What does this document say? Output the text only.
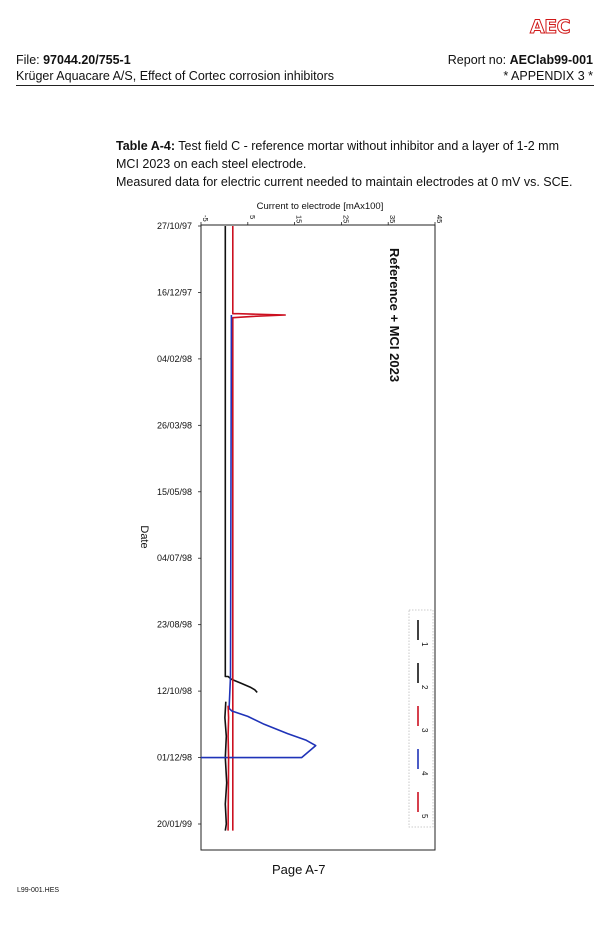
AEC
File: 97044.20/755-1	Report no: AEClab99-001
Krüger Aquacare A/S, Effect of Cortec corrosion inhibitors	* APPENDIX 3 *
Table A-4: Test field C - reference mortar without inhibitor and a layer of 1-2 mm
MCI 2023 on each steel electrode.
Measured data for electric current needed to maintain electrodes at 0 mV vs. SCE.
Current to electrode [mAx100]
-5	5	15	25	35	45
27/10/97
16/12/97
04/02/98
26/03/98
15/05/98
04/07/98
23/08/98
12/10/98
01/12/98
20/01/99
Date
Reference + MCI 2023
1
2
3
4
5
Page A-7
L99-001.HES
